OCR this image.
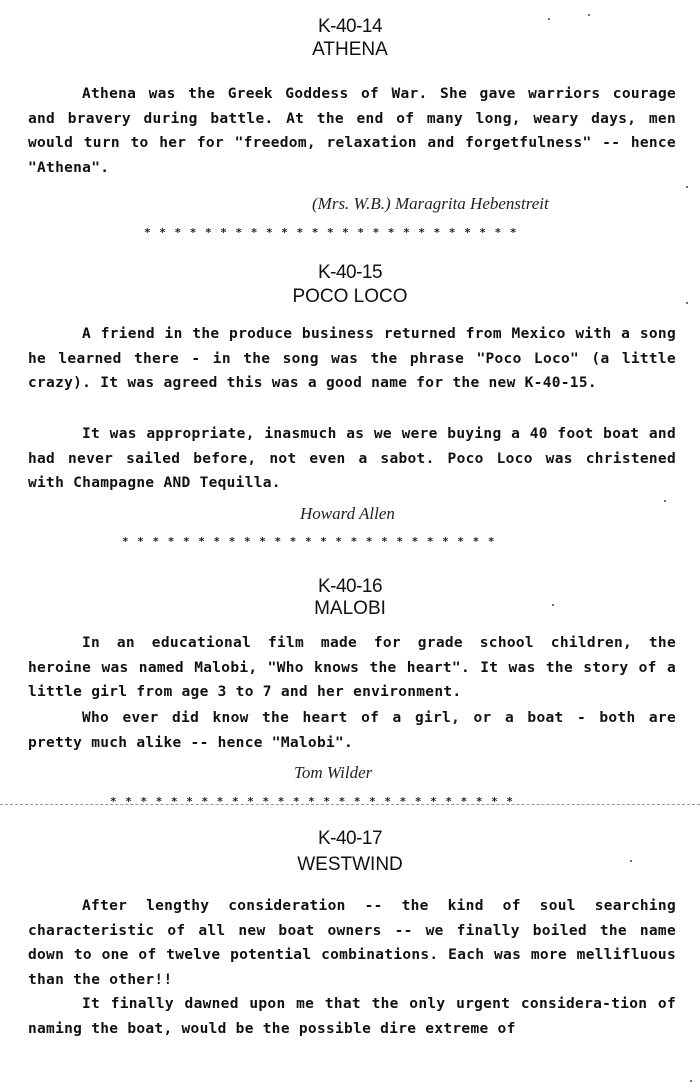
K-40-14
ATHENA

Athena was the Greek Goddess of War. She gave warriors courage and bravery during battle. At the end of many long, weary days, men would turn to her for "freedom, relaxation and forgetfulness" -- hence "Athena".

(Mrs. W.B.) Maragrita Hebenstreit
* * * * * * * * * * * * * * * * * * * * * * * * *
K-40-15
POCO LOCO

A friend in the produce business returned from Mexico with a song he learned there - in the song was the phrase "Poco Loco" (a little crazy). It was agreed this was a good name for the new K-40-15.

It was appropriate, inasmuch as we were buying a 40 foot boat and had never sailed before, not even a sabot. Poco Loco was christened with Champagne AND Tequilla.

Howard Allen
* * * * * * * * * * * * * * * * * * * * * * * * *
K-40-16
MALOBI

In an educational film made for grade school children, the heroine was named Malobi, "Who knows the heart". It was the story of a little girl from age 3 to 7 and her environment.

Who ever did know the heart of a girl, or a boat - both are pretty much alike -- hence "Malobi".

Tom Wilder
* * * * * * * * * * * * * * * * * * * * * * * * * * *
K-40-17
WESTWIND

After lengthy consideration -- the kind of soul searching characteristic of all new boat owners -- we finally boiled the name down to one of twelve potential combinations. Each was more mellifluous than the other!!

It finally dawned upon me that the only urgent considera-tion of naming the boat, would be the possible dire extreme of
